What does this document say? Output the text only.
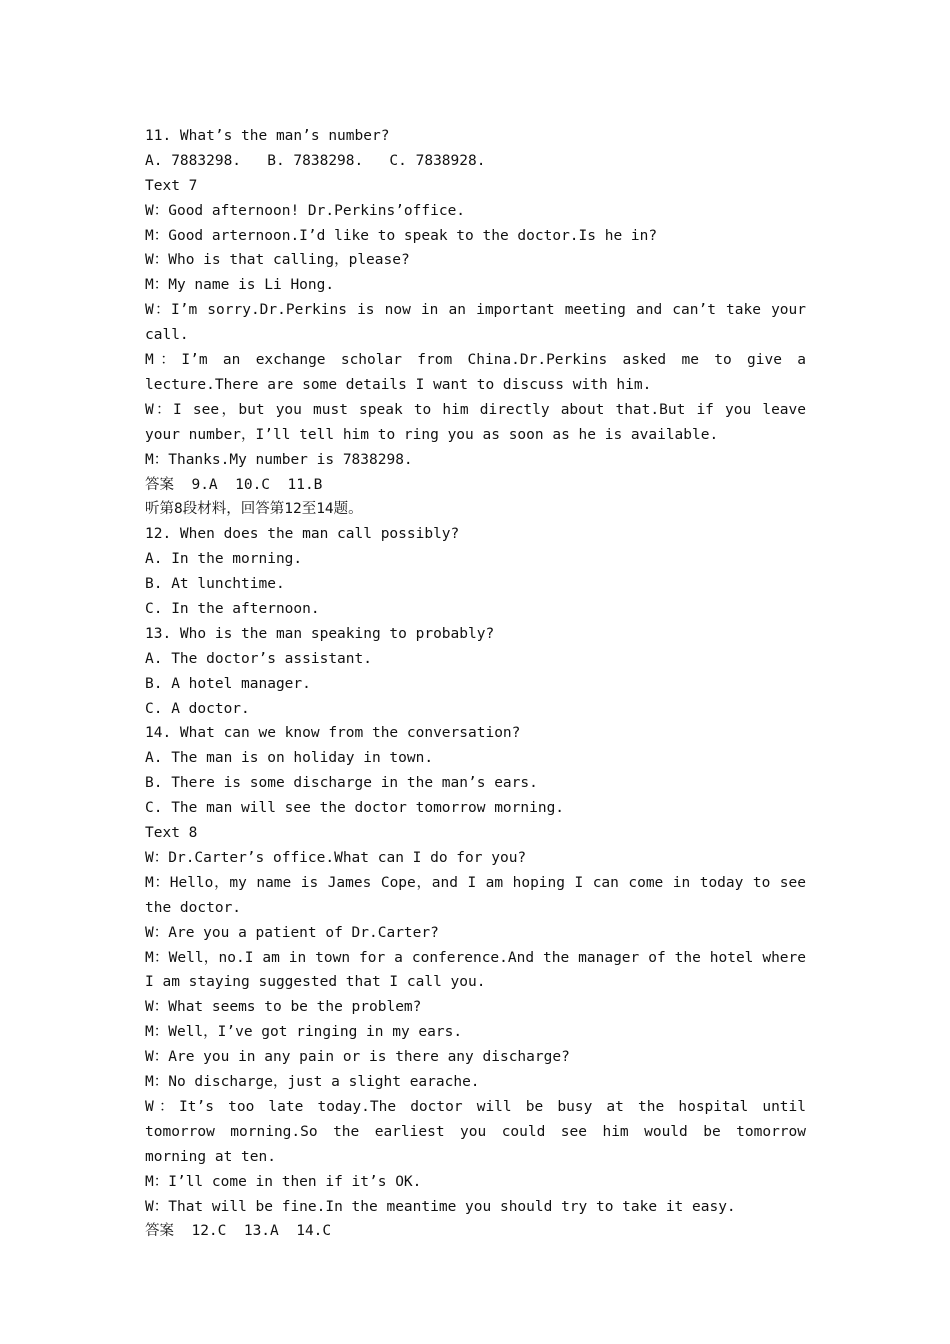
11. What’s the man’s number?
A. 7883298.   B. 7838298.   C. 7838928.
Text 7
W：Good afternoon! Dr.Perkins’office.
M：Good arternoon.I’d like to speak to the doctor.Is he in?
W：Who is that calling，please?
M：My name is Li Hong.
W：I’m sorry.Dr.Perkins is now in an important meeting and can’t take your call.
M：I’m an exchange scholar from China.Dr.Perkins asked me to give a lecture.There are some details I want to discuss with him.
W：I see，but you must speak to him directly about that.But if you leave your number，I’ll tell him to ring you as soon as he is available.
M：Thanks.My number is 7838298.
答案  9.A  10.C  11.B
听第8段材料，回答第12至14题。
12. When does the man call possibly?
A. In the morning.
B. At lunchtime.
C. In the afternoon.
13. Who is the man speaking to probably?
A. The doctor’s assistant.
B. A hotel manager.
C. A doctor.
14. What can we know from the conversation?
A. The man is on holiday in town.
B. There is some discharge in the man’s ears.
C. The man will see the doctor tomorrow morning.
Text 8
W：Dr.Carter’s office.What can I do for you?
M：Hello，my name is James Cope，and I am hoping I can come in today to see the doctor.
W：Are you a patient of Dr.Carter?
M：Well，no.I am in town for a conference.And the manager of the hotel where I am staying suggested that I call you.
W：What seems to be the problem?
M：Well，I’ve got ringing in my ears.
W：Are you in any pain or is there any discharge?
M：No discharge，just a slight earache.
W：It’s too late today.The doctor will be busy at the hospital until tomorrow morning.So the earliest you could see him would be tomorrow morning at ten.
M：I’ll come in then if it’s OK.
W：That will be fine.In the meantime you should try to take it easy.
答案  12.C  13.A  14.C
